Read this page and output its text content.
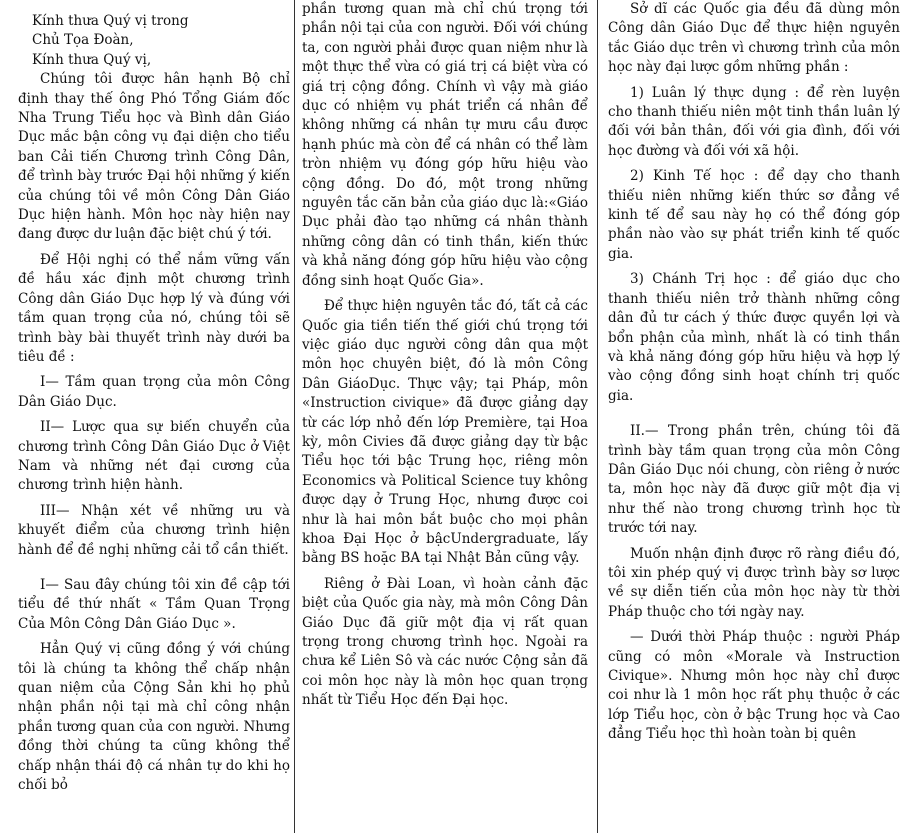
Kính thưa Quý vị trong

Chủ Tọa Đoàn,

Kính thưa Quý vị,

Chúng tôi được hân hạnh Bộ chỉ định thay thế ông Phó Tổng Giám đốc Nha Trung Tiểu học và Bình dân Giáo Dục mắc bận công vụ đại diện cho tiểu ban Cải tiến Chương trình Công Dân, để trình bày trước Đại hội những ý kiến của chúng tôi về môn Công Dân Giáo Dục hiện hành. Môn học này hiện nay đang được dư luận đặc biệt chú ý tới.

Để Hội nghị có thể nắm vững vấn đề hầu xác định một chương trình Công dân Giáo Dục hợp lý và đúng với tầm quan trọng của nó, chúng tôi sẽ trình bày bài thuyết trình này dưới ba tiêu đề :

I— Tầm quan trọng của môn Công Dân Giáo Dục.

II— Lược qua sự biến chuyển của chương trình Công Dân Giáo Dục ở Việt Nam và những nét đại cương của chương trình hiện hành.

III— Nhận xét về những ưu và khuyết điểm của chương trình hiện hành để đề nghị những cải tổ cần thiết.

I— Sau đây chúng tôi xin đề cập tới tiểu đề thứ nhất « Tầm Quan Trọng Của Môn Công Dân Giáo Dục ».

Hẳn Quý vị cũng đồng ý với chúng tôi là chúng ta không thể chấp nhận quan niệm của Cộng Sản khi họ phủ nhận phần nội tại mà chỉ công nhận phần tương quan của con người. Nhưng đồng thời chúng ta cũng không thể chấp nhận thái độ cá nhân tự do khi họ chối bỏ

phần tương quan mà chỉ chú trọng tới phần nội tại của con người. Đối với chúng ta, con người phải được quan niệm như là một thực thể vừa có giá trị cá biệt vừa có giá trị cộng đồng. Chính vì vậy mà giáo dục có nhiệm vụ phát triển cá nhân để không những cá nhân tự mưu cầu được hạnh phúc mà còn để cá nhân có thể làm tròn nhiệm vụ đóng góp hữu hiệu vào cộng đồng. Do đó, một trong những nguyên tắc căn bản của giáo dục là:«Giáo Dục phải đào tạo những cá nhân thành những công dân có tinh thần, kiến thức và khả năng đóng góp hữu hiệu vào cộng đồng sinh hoạt Quốc Gia».

Để thực hiện nguyên tắc đó, tất cả các Quốc gia tiền tiến thế giới chú trọng tới việc giáo dục người công dân qua một môn học chuyên biệt, đó là môn Công Dân GiáoDục. Thực vậy; tại Pháp, môn «Instruction civique» đã được giảng dạy từ các lớp nhỏ đến lớp Première, tại Hoa kỳ, môn Civies đã được giảng dạy từ bậc Tiểu học tới bậc Trung học, riêng môn Economics và Political Science tuy không được dạy ở Trung Học, nhưng được coi như là hai môn bắt buộc cho mọi phân khoa Đại Học ở bậcUndergraduate, lấy bằng BS hoặc BA tại Nhật Bản cũng vậy.

Riêng ở Đài Loan, vì hoàn cảnh đặc biệt của Quốc gia này, mà môn Công Dân Giáo Dục đã giữ một địa vị rất quan trọng trong chương trình học. Ngoài ra chưa kể Liên Sô và các nước Cộng sản đã coi môn học này là môn học quan trọng nhất từ Tiểu Học đến Đại học.

Sở dĩ các Quốc gia đều đã dùng môn Công dân Giáo Dục để thực hiện nguyên tắc Giáo dục trên vì chương trình của môn học này đại lược gồm những phần :

1) Luân lý thực dụng : để rèn luyện cho thanh thiếu niên một tinh thần luân lý đối với bản thân, đối với gia đình, đối với học đường và đối với xã hội.

2) Kinh Tế học : để dạy cho thanh thiếu niên những kiến thức sơ đẳng về kinh tế để sau này họ có thể đóng góp phần nào vào sự phát triển kinh tế quốc gia.

3) Chánh Trị học : để giáo dục cho thanh thiếu niên trở thành những công dân đủ tư cách ý thức được quyền lợi và bổn phận của mình, nhất là có tinh thần và khả năng đóng góp hữu hiệu và hợp lý vào cộng đồng sinh hoạt chính trị quốc gia.

II.— Trong phần trên, chúng tôi đã trình bày tầm quan trọng của môn Công Dân Giáo Dục nói chung, còn riêng ở nước ta, môn học này đã được giữ một địa vị như thế nào trong chương trình học từ trước tới nay.

Muốn nhận định được rõ ràng điều đó, tôi xin phép quý vị được trình bày sơ lược về sự diễn tiến của môn học này từ thời Pháp thuộc cho tới ngày nay.

— Dưới thời Pháp thuộc : người Pháp cũng có môn «Morale và Instruction Civique». Nhưng môn học này chỉ được coi như là 1 môn học rất phụ thuộc ở các lớp Tiểu học, còn ở bậc Trung học và Cao đẳng Tiểu học thì hoàn toàn bị quên
